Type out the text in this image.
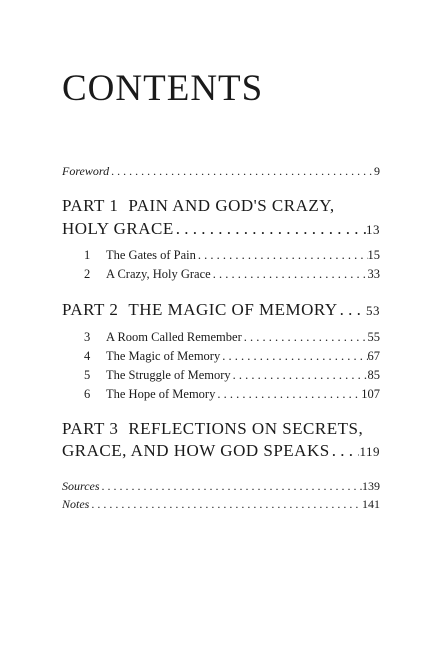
CONTENTS
Foreword . . .	9
PART 1 PAIN AND GOD'S CRAZY,
HOLY GRACE . . .	13
1 The Gates of Pain . . .	15
2 A Crazy, Holy Grace . . .	33
PART 2 THE MAGIC OF MEMORY . . . 53
3 A Room Called Remember . . .	55
4 The Magic of Memory . . .	67
5 The Struggle of Memory . . .	85
6 The Hope of Memory . . .	107
PART 3 REFLECTIONS ON SECRETS,
GRACE, AND HOW GOD SPEAKS . . . 119
Sources . . .	139
Notes . . .	141
